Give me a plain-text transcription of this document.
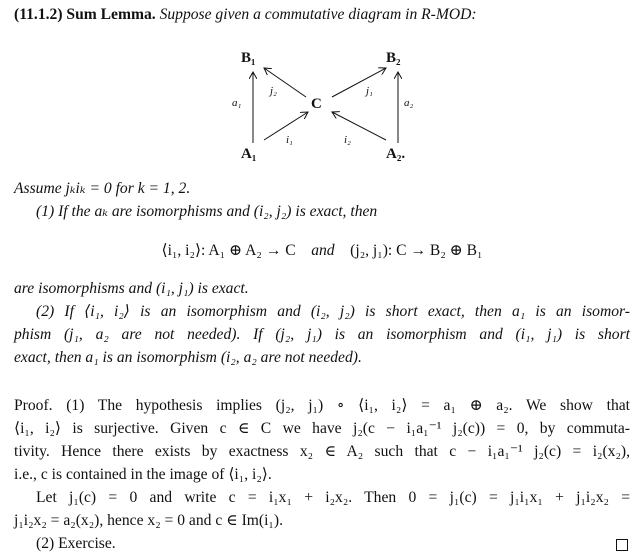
(11.1.2) Sum Lemma. Suppose given a commutative diagram in R-MOD:
B₁	B₂
C
A₁	A₂.
a₁	a₂
j₂	j₁
i₁	i₂
Assume jₖiₖ = 0 for k = 1, 2.
(1) If the aₖ are isomorphisms and (i₂, j₂) is exact, then
⟨i₁, i₂⟩: A₁ ⊕ A₂ → C and (j₂, j₁): C → B₂ ⊕ B₁
are isomorphisms and (i₁, j₁) is exact.
(2) If ⟨i₁, i₂⟩ is an isomorphism and (i₂, j₂) is short exact, then a₁ is an isomor-
phism (j₁, a₂ are not needed). If (j₂, j₁) is an isomorphism and (i₁, j₁) is short
exact, then a₁ is an isomorphism (i₂, a₂ are not needed).
Proof. (1) The hypothesis implies (j₂, j₁) ∘ ⟨i₁, i₂⟩ = a₁ ⊕ a₂. We show that
⟨i₁, i₂⟩ is surjective. Given c ∈ C we have j₂(c − i₁a₁⁻¹ j₂(c)) = 0, by commuta-
tivity. Hence there exists by exactness x₂ ∈ A₂ such that c − i₁a₁⁻¹ j₂(c) = i₂(x₂),
i.e., c is contained in the image of ⟨i₁, i₂⟩.
Let j₁(c) = 0 and write c = i₁x₁ + i₂x₂. Then 0 = j₁(c) = j₁i₁x₁ + j₁i₂x₂ =
j₁i₂x₂ = a₂(x₂), hence x₂ = 0 and c ∈ Im(i₁).
(2) Exercise.
